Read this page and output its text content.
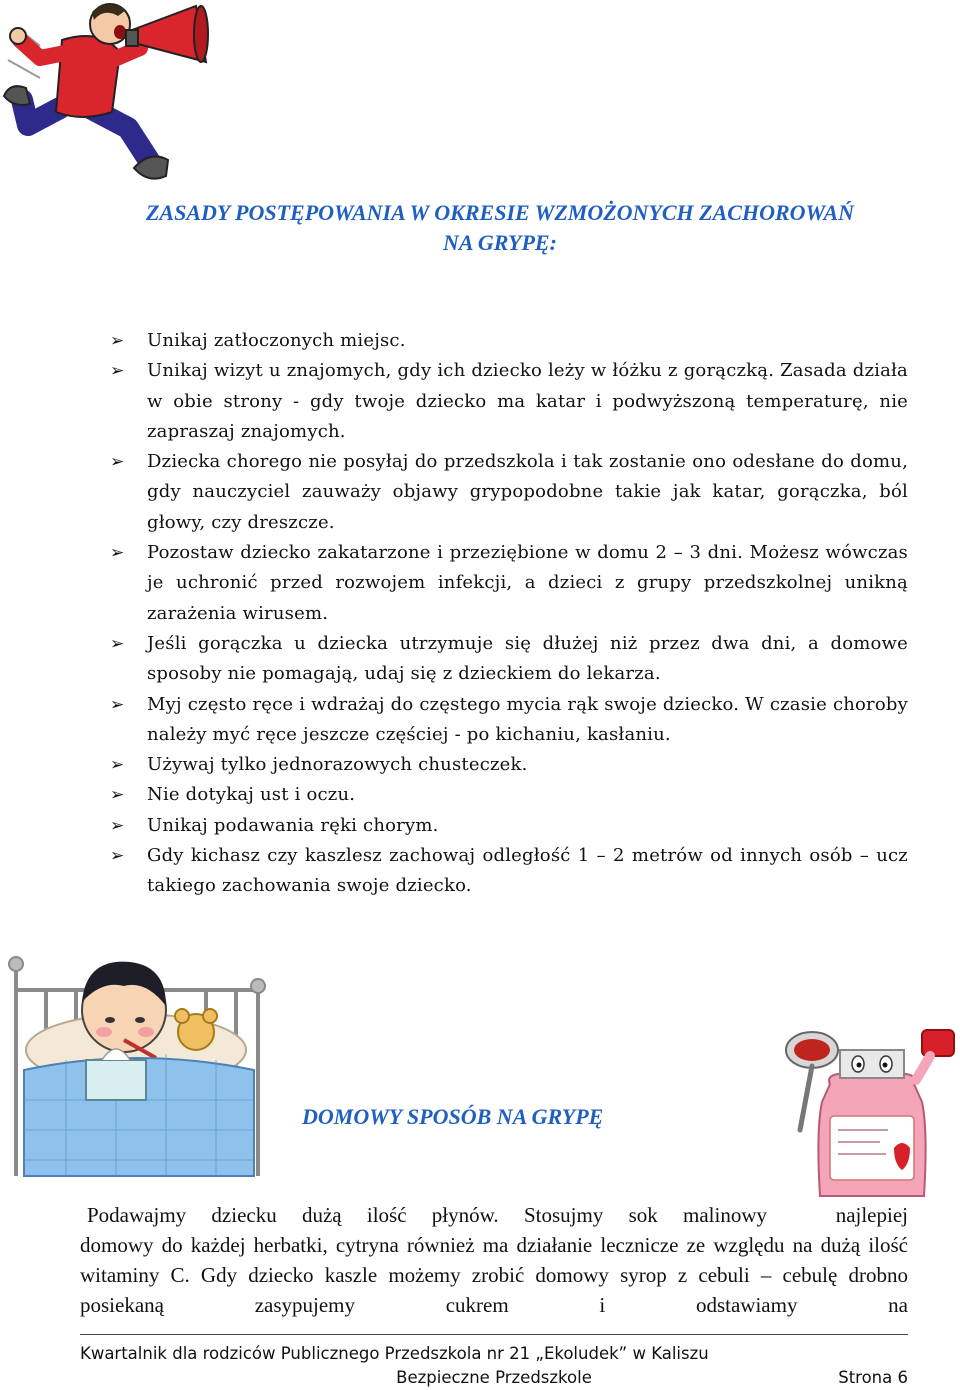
ZASADY POSTĘPOWANIA W OKRESIE WZMOŻONYCH ZACHOROWAŃ
NA GRYPĘ:
➢ Unikaj zatłoczonych miejsc.
➢ Unikaj wizyt u znajomych, gdy ich dziecko leży w łóżku z gorączką. Zasada działa w obie strony - gdy twoje dziecko ma katar i podwyższoną temperaturę, nie zapraszaj znajomych.
➢ Dziecka chorego nie posyłaj do przedszkola i tak zostanie ono odesłane do domu, gdy nauczyciel zauważy objawy grypopodobne takie jak katar, gorączka, ból głowy, czy dreszcze.
➢ Pozostaw dziecko zakatarzone i przeziębione w domu 2 – 3 dni. Możesz wówczas je uchronić przed rozwojem infekcji, a dzieci z grupy przedszkolnej unikną zarażenia wirusem.
➢ Jeśli gorączka u dziecka utrzymuje się dłużej niż przez dwa dni, a domowe sposoby nie pomagają, udaj się z dzieckiem do lekarza.
➢ Myj często ręce i wdrażaj do częstego mycia rąk swoje dziecko. W czasie choroby należy myć ręce jeszcze częściej - po kichaniu, kasłaniu.
➢ Używaj tylko jednorazowych chusteczek.
➢ Nie dotykaj ust i oczu.
➢ Unikaj podawania ręki chorym.
➢ Gdy kichasz czy kaszlesz zachowaj odległość 1 – 2 metrów od innych osób – ucz takiego zachowania swoje dziecko.
DOMOWY SPOSÓB NA GRYPĘ

Podawajmy dziecku dużą ilość płynów. Stosujmy sok malinowy	najlepiej domowy do każdej herbatki, cytryna również ma działanie lecznicze ze względu na dużą ilość witaminy C. Gdy dziecko kaszle możemy zrobić domowy syrop z cebuli – cebulę drobno posiekaną zasypujemy cukrem i odstawiamy na

Kwartalnik dla rodziców Publicznego Przedszkola nr 21 „Ekoludek” w Kaliszu
Bezpieczne Przedszkole	Strona 6
